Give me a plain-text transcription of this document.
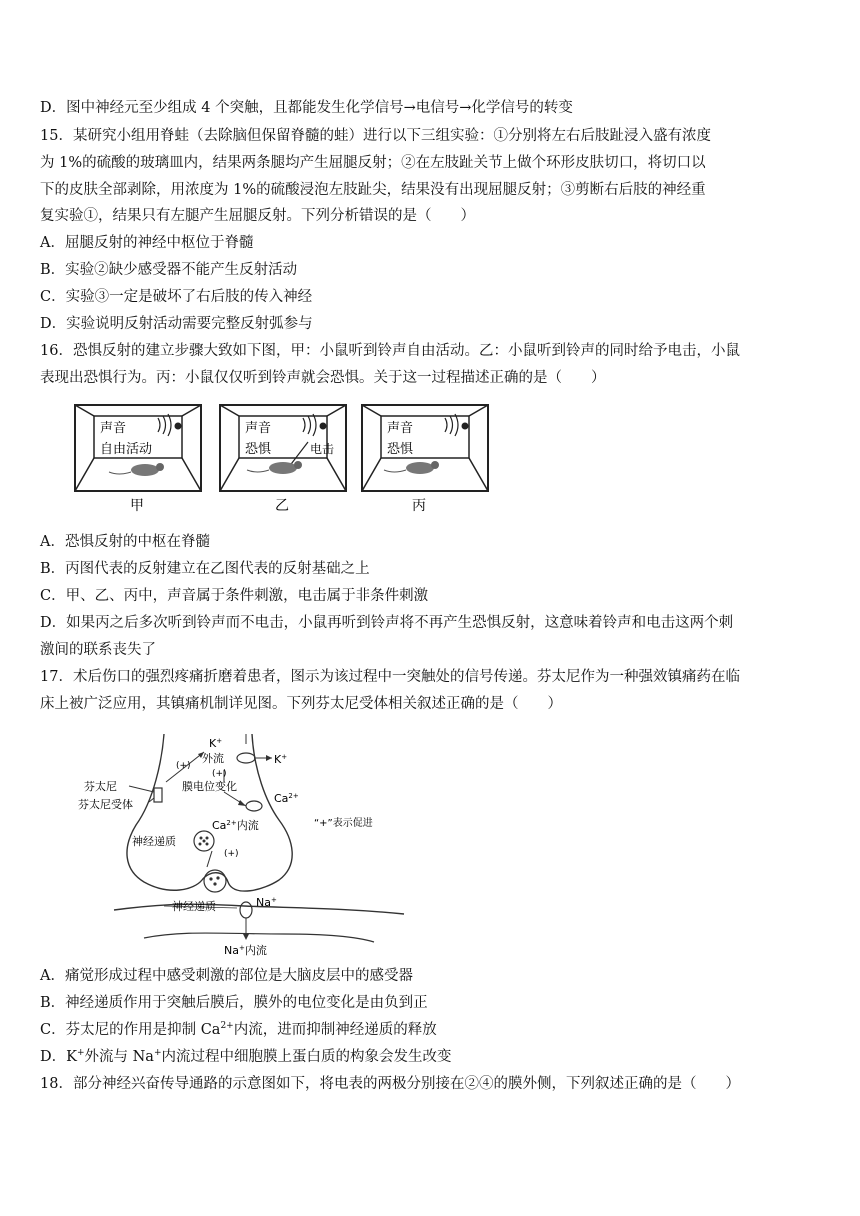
D．图中神经元至少组成 4 个突触，且都能发生化学信号→电信号→化学信号的转变
15．某研究小组用脊蛙（去除脑但保留脊髓的蛙）进行以下三组实验：①分别将左右后肢趾浸入盛有浓度
为 1%的硫酸的玻璃皿内，结果两条腿均产生屈腿反射；②在左肢趾关节上做个环形皮肤切口，将切口以
下的皮肤全部剥除，用浓度为 1%的硫酸浸泡左肢趾尖，结果没有出现屈腿反射；③剪断右后肢的神经重
复实验①，结果只有左腿产生屈腿反射。下列分析错误的是（　　）
A．屈腿反射的神经中枢位于脊髓
B．实验②缺少感受器不能产生反射活动
C．实验③一定是破坏了右后肢的传入神经
D．实验说明反射活动需要完整反射弧参与
16．恐惧反射的建立步骤大致如下图，甲：小鼠听到铃声自由活动。乙：小鼠听到铃声的同时给予电击，小鼠
表现出恐惧行为。丙：小鼠仅仅听到铃声就会恐惧。关于这一过程描述正确的是（　　）
声音
自由活动
甲
声音
恐惧	电击
乙
声音
恐惧
丙
A．恐惧反射的中枢在脊髓
B．丙图代表的反射建立在乙图代表的反射基础之上
C．甲、乙、丙中，声音属于条件刺激，电击属于非条件刺激
D．如果丙之后多次听到铃声而不电击，小鼠再听到铃声将不再产生恐惧反射，这意味着铃声和电击这两个刺
激间的联系丧失了
17．术后伤口的强烈疼痛折磨着患者，图示为该过程中一突触处的信号传递。芬太尼作为一种强效镇痛药在临
床上被广泛应用，其镇痛机制详见图。下列芬太尼受体相关叙述正确的是（　　）
K+
外流	K+
(+)
(+)
膜电位变化
芬太尼
芬太尼受体	$Ca^{2+}$
$Ca^{2+}$内流	“+”表示促进
神经递质
(+)
神经递质	Na+
Na+内流
A．痛觉形成过程中感受刺激的部位是大脑皮层中的感受器
B．神经递质作用于突触后膜后，膜外的电位变化是由负到正
C．芬太尼的作用是抑制 $Ca^{2+}$内流，进而抑制神经递质的释放
D．K+外流与 Na+内流过程中细胞膜上蛋白质的构象会发生改变
18．部分神经兴奋传导通路的示意图如下，将电表的两极分别接在②④的膜外侧，下列叙述正确的是（　　）
